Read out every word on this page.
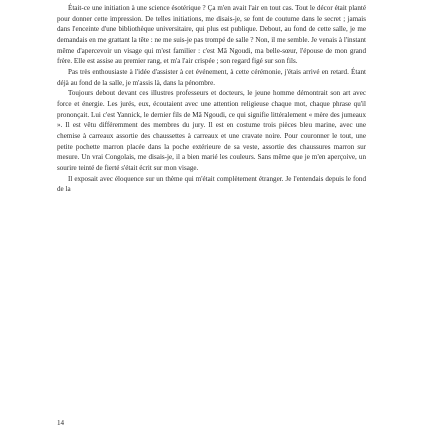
Était-ce une initiation à une science ésotérique ? Ça m'en avait l'air en tout cas. Tout le décor était planté pour donner cette impression. De telles initiations, me disais-je, se font de coutume dans le secret ; jamais dans l'enceinte d'une bibliothèque universitaire, qui plus est publique. Debout, au fond de cette salle, je me demandais en me grattant la tête : ne me suis-je pas trompé de salle ? Non, il me semble. Je venais à l'instant même d'apercevoir un visage qui m'est familier : c'est Mâ Ngoudi, ma belle-sœur, l'épouse de mon grand frère. Elle est assise au premier rang, et m'a l'air crispée ; son regard figé sur son fils.

Pas très enthousiaste à l'idée d'assister à cet événement, à cette cérémonie, j'étais arrivé en retard. Étant déjà au fond de la salle, je m'assis là, dans la pénombre.

Toujours debout devant ces illustres professeurs et docteurs, le jeune homme démontrait son art avec force et énergie. Les jurés, eux, écoutaient avec une attention religieuse chaque mot, chaque phrase qu'il prononçait. Lui c'est Yannick, le dernier fils de Mâ Ngoudi, ce qui signifie littéralement « mère des jumeaux ». Il est vêtu différemment des membres du jury. Il est en costume trois pièces bleu marine, avec une chemise à carreaux assortie des chaussettes à carreaux et une cravate noire. Pour couronner le tout, une petite pochette marron placée dans la poche extérieure de sa veste, assortie des chaussures marron sur mesure. Un vrai Congolais, me disais-je, il a bien marié les couleurs. Sans même que je m'en aperçoive, un sourire teinté de fierté s'était écrit sur mon visage.

Il exposait avec éloquence sur un thème qui m'était complètement étranger. Je l'entendais depuis le fond de la

14
